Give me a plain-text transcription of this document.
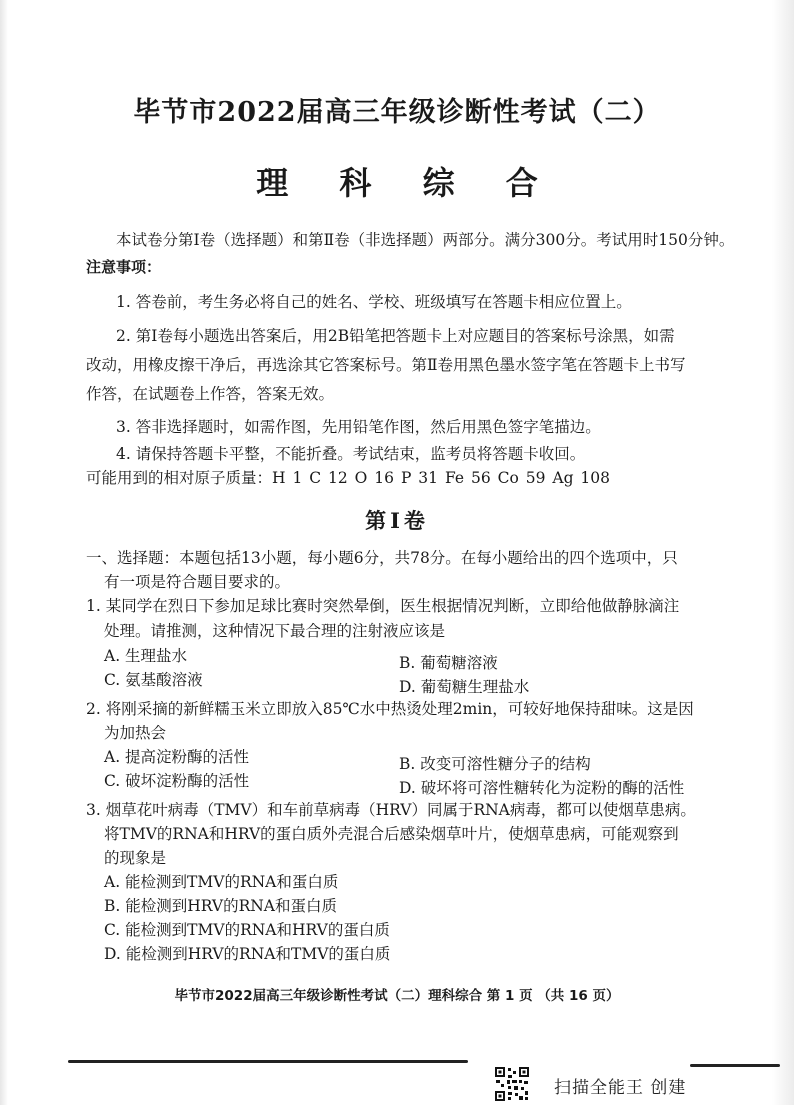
毕节市2022届高三年级诊断性考试（二）
理 科 综 合
本试卷分第Ⅰ卷（选择题）和第Ⅱ卷（非选择题）两部分。满分300分。考试用时150分钟。
注意事项：
1. 答卷前，考生务必将自己的姓名、学校、班级填写在答题卡相应位置上。
2. 第Ⅰ卷每小题选出答案后，用2B铅笔把答题卡上对应题目的答案标号涂黑，如需
改动，用橡皮擦干净后，再选涂其它答案标号。第Ⅱ卷用黑色墨水签字笔在答题卡上书写
作答，在试题卷上作答，答案无效。
3. 答非选择题时，如需作图，先用铅笔作图，然后用黑色签字笔描边。
4. 请保持答题卡平整，不能折叠。考试结束，监考员将答题卡收回。
可能用到的相对原子质量：H 1 C 12 O 16 P 31 Fe 56 Co 59 Ag 108
第Ⅰ卷
一、选择题：本题包括13小题，每小题6分，共78分。在每小题给出的四个选项中，只
有一项是符合题目要求的。
1. 某同学在烈日下参加足球比赛时突然晕倒，医生根据情况判断，立即给他做静脉滴注
处理。请推测，这种情况下最合理的注射液应该是
A. 生理盐水	B. 葡萄糖溶液
C. 氨基酸溶液	D. 葡萄糖生理盐水
2. 将刚采摘的新鲜糯玉米立即放入85℃水中热烫处理2min，可较好地保持甜味。这是因
为加热会
A. 提高淀粉酶的活性	B. 改变可溶性糖分子的结构
C. 破坏淀粉酶的活性	D. 破坏将可溶性糖转化为淀粉的酶的活性
3. 烟草花叶病毒（TMV）和车前草病毒（HRV）同属于RNA病毒，都可以使烟草患病。
将TMV的RNA和HRV的蛋白质外壳混合后感染烟草叶片，使烟草患病，可能观察到
的现象是
A. 能检测到TMV的RNA和蛋白质
B. 能检测到HRV的RNA和蛋白质
C. 能检测到TMV的RNA和HRV的蛋白质
D. 能检测到HRV的RNA和TMV的蛋白质
毕节市2022届高三年级诊断性考试（二）理科综合 第 1 页 （共 16 页）
扫描全能王 创建
